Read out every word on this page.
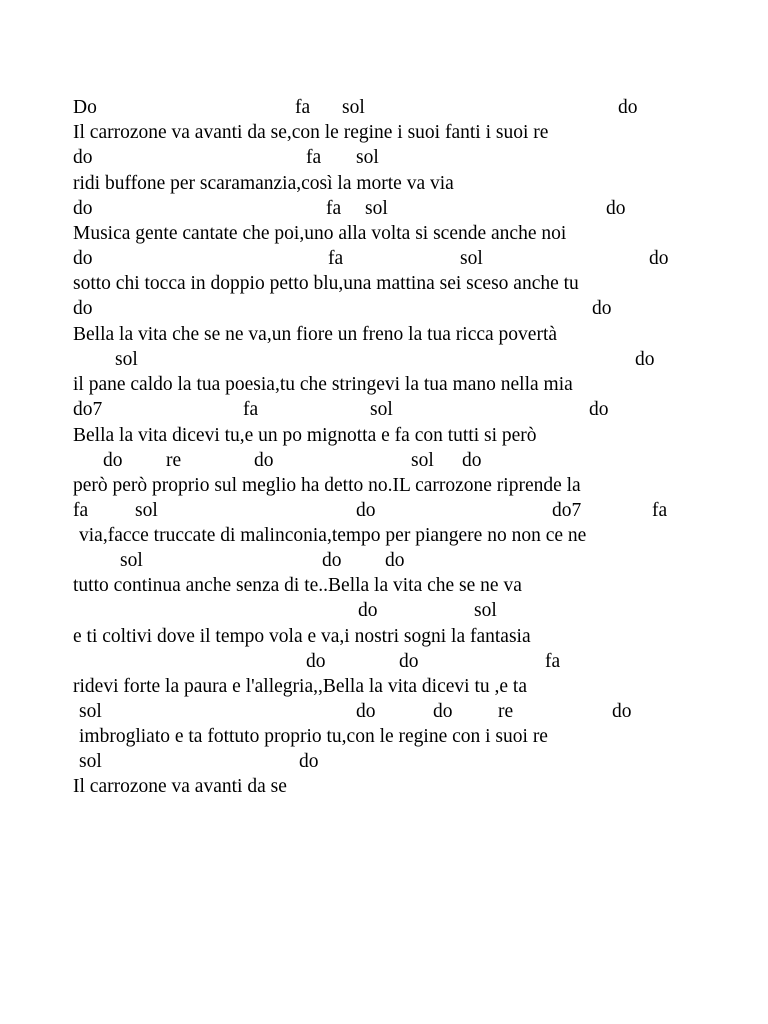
Do	fa sol	do
Il carrozone va avanti da se,con le regine i suoi fanti i suoi re
do	fa sol
ridi buffone per scaramanzia,così la morte va via
do	fa sol	do
Musica gente cantate che poi,uno alla volta si scende anche noi
do	fa	sol	do
sotto chi tocca in doppio petto blu,una mattina sei sceso anche tu
do	do
Bella la vita che se ne va,un fiore un freno la tua ricca povertà
sol	do
il pane caldo la tua poesia,tu che stringevi la tua mano nella mia
do7	fa	sol	do
Bella la vita dicevi tu,e un po mignotta e fa con tutti si però
do re	do	sol do
però però proprio sul meglio ha detto no.IL carrozone riprende la
fa sol	do	do7	fa
via,facce truccate di malinconia,tempo per piangere no non ce ne
sol	do do
tutto continua anche senza di te..Bella la vita che se ne va
do	sol
e ti coltivi dove il tempo vola e va,i nostri sogni la fantasia
do	do	fa
ridevi forte la paura e l'allegria,,Bella la vita dicevi tu ,e ta
sol	do	do re	do
imbrogliato e ta fottuto proprio tu,con le regine con i suoi re
sol	do
Il carrozone va avanti da se
